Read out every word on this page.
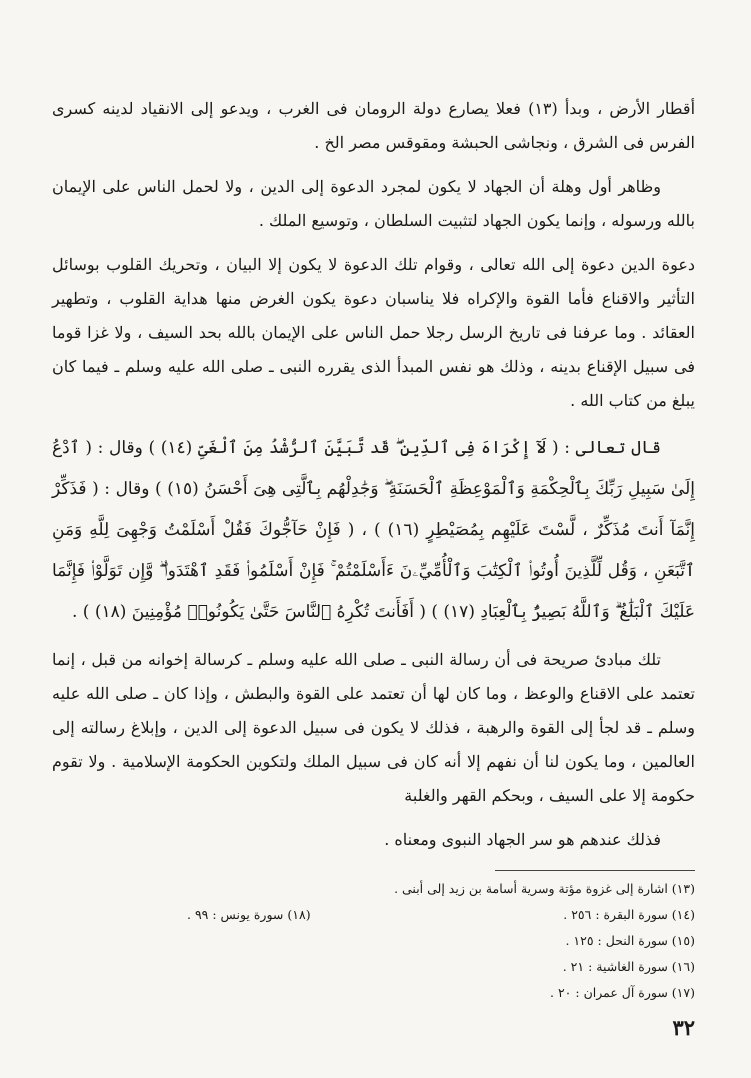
أقطار الأرض ، وبدأ (١٣) فعلا يصارع دولة الرومان فى الغرب ، ويدعو إلى الانقياد لدينه كسرى الفرس فى الشرق ، ونجاشى الحبشة ومقوقس مصر الخ .

وظاهر أول وهلة أن الجهاد لا يكون لمجرد الدعوة إلى الدين ، ولا لحمل الناس على الإيمان بالله ورسوله ، وإنما يكون الجهاد لتثبيت السلطان ، وتوسيع الملك .

دعوة الدين دعوة إلى الله تعالى ، وقوام تلك الدعوة لا يكون إلا البيان ، وتحريك القلوب بوسائل التأثير والاقناع فأما القوة والإكراه فلا يناسبان دعوة يكون الغرض منها هداية القلوب ، وتطهير العقائد . وما عرفنا فى تاريخ الرسل رجلا حمل الناس على الإيمان بالله بحد السيف ، ولا غزا قوما فى سبيل الإقناع بدينه ، وذلك هو نفس المبدأ الذى يقرره النبى ـ صلى الله عليه وسلم ـ فيما كان يبلغ من كتاب الله .

قال تعالى : ( لَآ إِكْرَاهَ فِى ٱلدِّينِ ۖ قَد تَّبَيَّنَ ٱلرُّشْدُ مِنَ ٱلْغَىِّ (١٤) ) وقال : ( ٱدْعُ إِلَىٰ سَبِيلِ رَبِّكَ بِٱلْحِكْمَةِ وَٱلْمَوْعِظَةِ ٱلْحَسَنَةِ ۖ وَجَٰدِلْهُم بِٱلَّتِى هِىَ أَحْسَنُ (١٥) ) وقال : ( فَذَكِّرْ إِنَّمَآ أَنتَ مُذَكِّرٌ ، لَّسْتَ عَلَيْهِم بِمُصَيْطِرٍ (١٦) ) ، ( فَإِنْ حَآجُّوكَ فَقُلْ أَسْلَمْتُ وَجْهِىَ لِلَّهِ وَمَنِ ٱتَّبَعَنِ ، وَقُل لِّلَّذِينَ أُوتُوا۟ ٱلْكِتَٰبَ وَٱلْأُمِّيِّۦنَ ءَأَسْلَمْتُمْ ۚ فَإِنْ أَسْلَمُوا۟ فَقَدِ ٱهْتَدَوا۟ ۖ وَّإِن تَوَلَّوْا۟ فَإِنَّمَا عَلَيْكَ ٱلْبَلَٰغُ ۗ وَٱللَّهُ بَصِيرٌۢ بِٱلْعِبَادِ (١٧) ) ( أَفَأَنتَ تُكْرِهُ ٱلنَّاسَ حَتَّىٰ يَكُونُوا۟ مُؤْمِنِينَ (١٨) ) .

تلك مبادئ صريحة فى أن رسالة النبى ـ صلى الله عليه وسلم ـ كرسالة إخوانه من قبل ، إنما تعتمد على الاقناع والوعظ ، وما كان لها أن تعتمد على القوة والبطش ، وإذا كان ـ صلى الله عليه وسلم ـ قد لجأ إلى القوة والرهبة ، فذلك لا يكون فى سبيل الدعوة إلى الدين ، وإبلاغ رسالته إلى العالمين ، وما يكون لنا أن نفهم إلا أنه كان فى سبيل الملك ولتكوين الحكومة الإسلامية . ولا تقوم حكومة إلا على السيف ، وبحكم القهر والغلبة

فذلك عندهم هو سر الجهاد النبوى ومعناه .

(١٣) اشارة إلى غزوة مؤتة وسرية أسامة بن زيد إلى أبنى .
(١٤) سورة البقرة : ٢٥٦ .
(١٨) سورة يونس : ٩٩ .
(١٥) سورة النحل : ١٢٥ .
(١٦) سورة الغاشية : ٢١ .
(١٧) سورة آل عمران : ٢٠ .
٣٢
